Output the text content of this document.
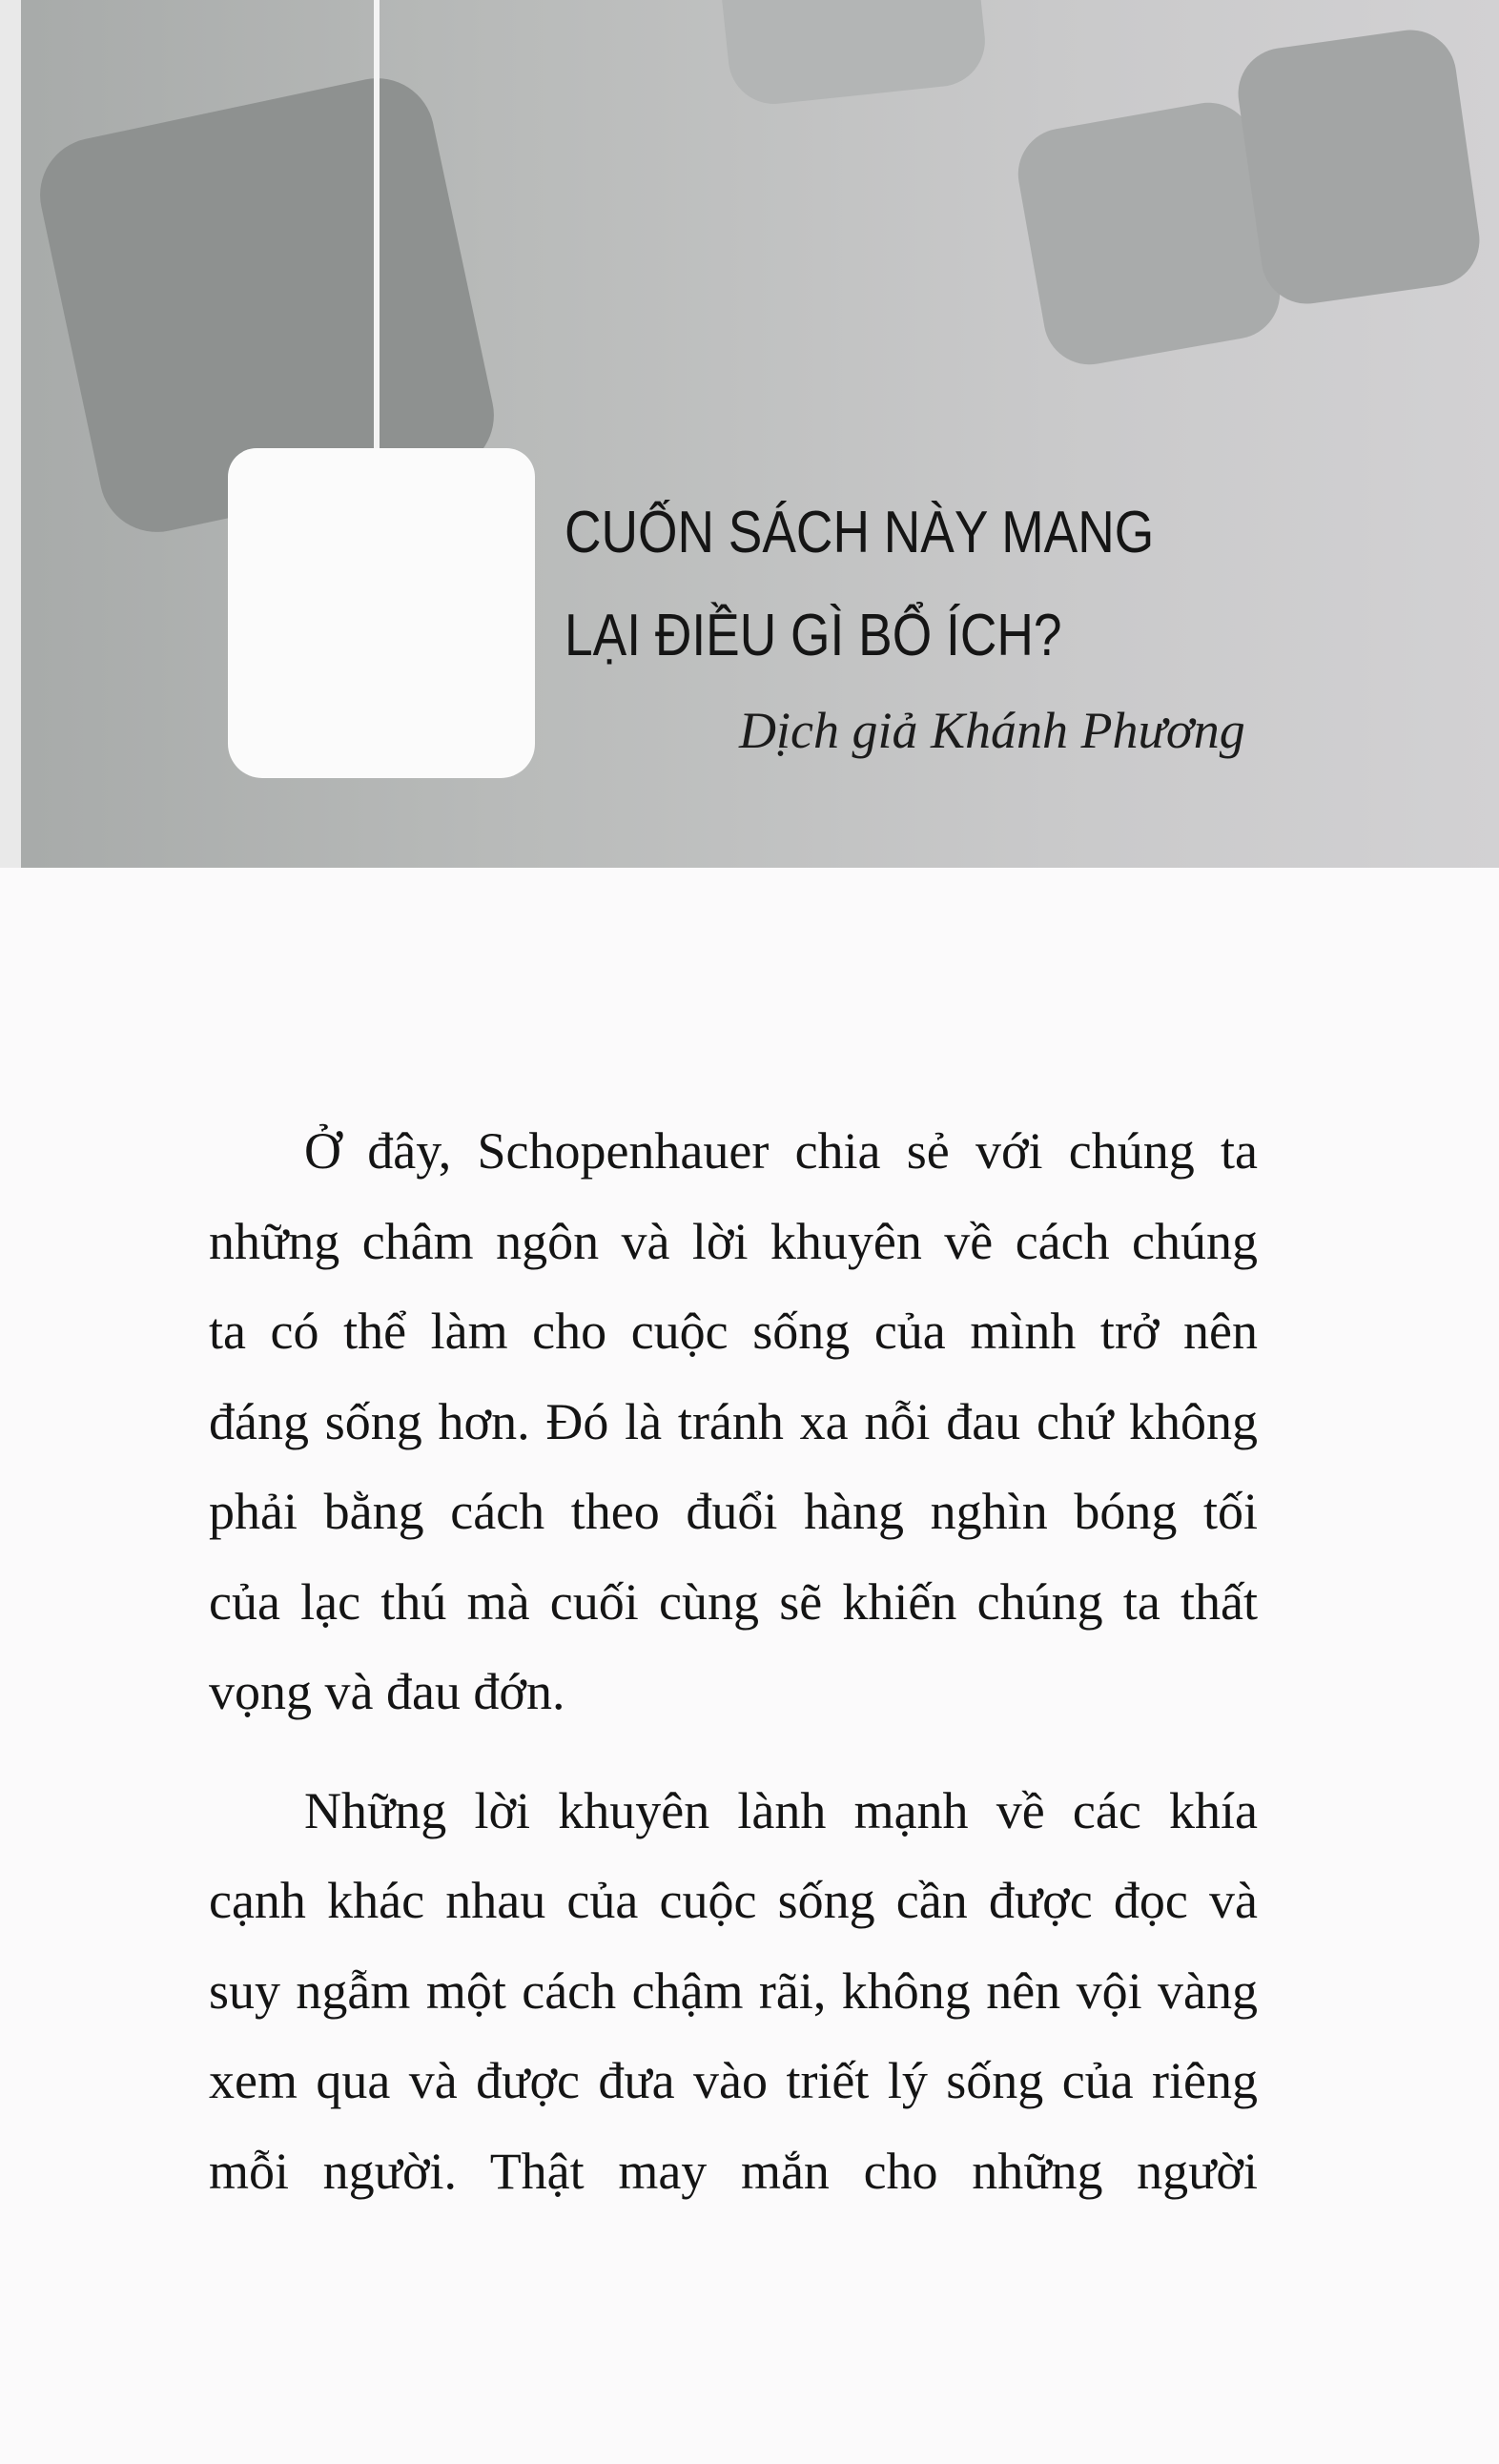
CUỐN SÁCH NÀY MANG
LẠI ĐIỀU GÌ BỔ ÍCH?
Dịch giả Khánh Phương
Ở đây, Schopenhauer chia sẻ với chúng ta
những châm ngôn và lời khuyên về cách chúng
ta có thể làm cho cuộc sống của mình trở nên
đáng sống hơn. Đó là tránh xa nỗi đau chứ không
phải bằng cách theo đuổi hàng nghìn bóng tối
của lạc thú mà cuối cùng sẽ khiến chúng ta thất
vọng và đau đớn.
Những lời khuyên lành mạnh về các khía
cạnh khác nhau của cuộc sống cần được đọc và
suy ngẫm một cách chậm rãi, không nên vội vàng
xem qua và được đưa vào triết lý sống của riêng
mỗi người. Thật may mắn cho những người
